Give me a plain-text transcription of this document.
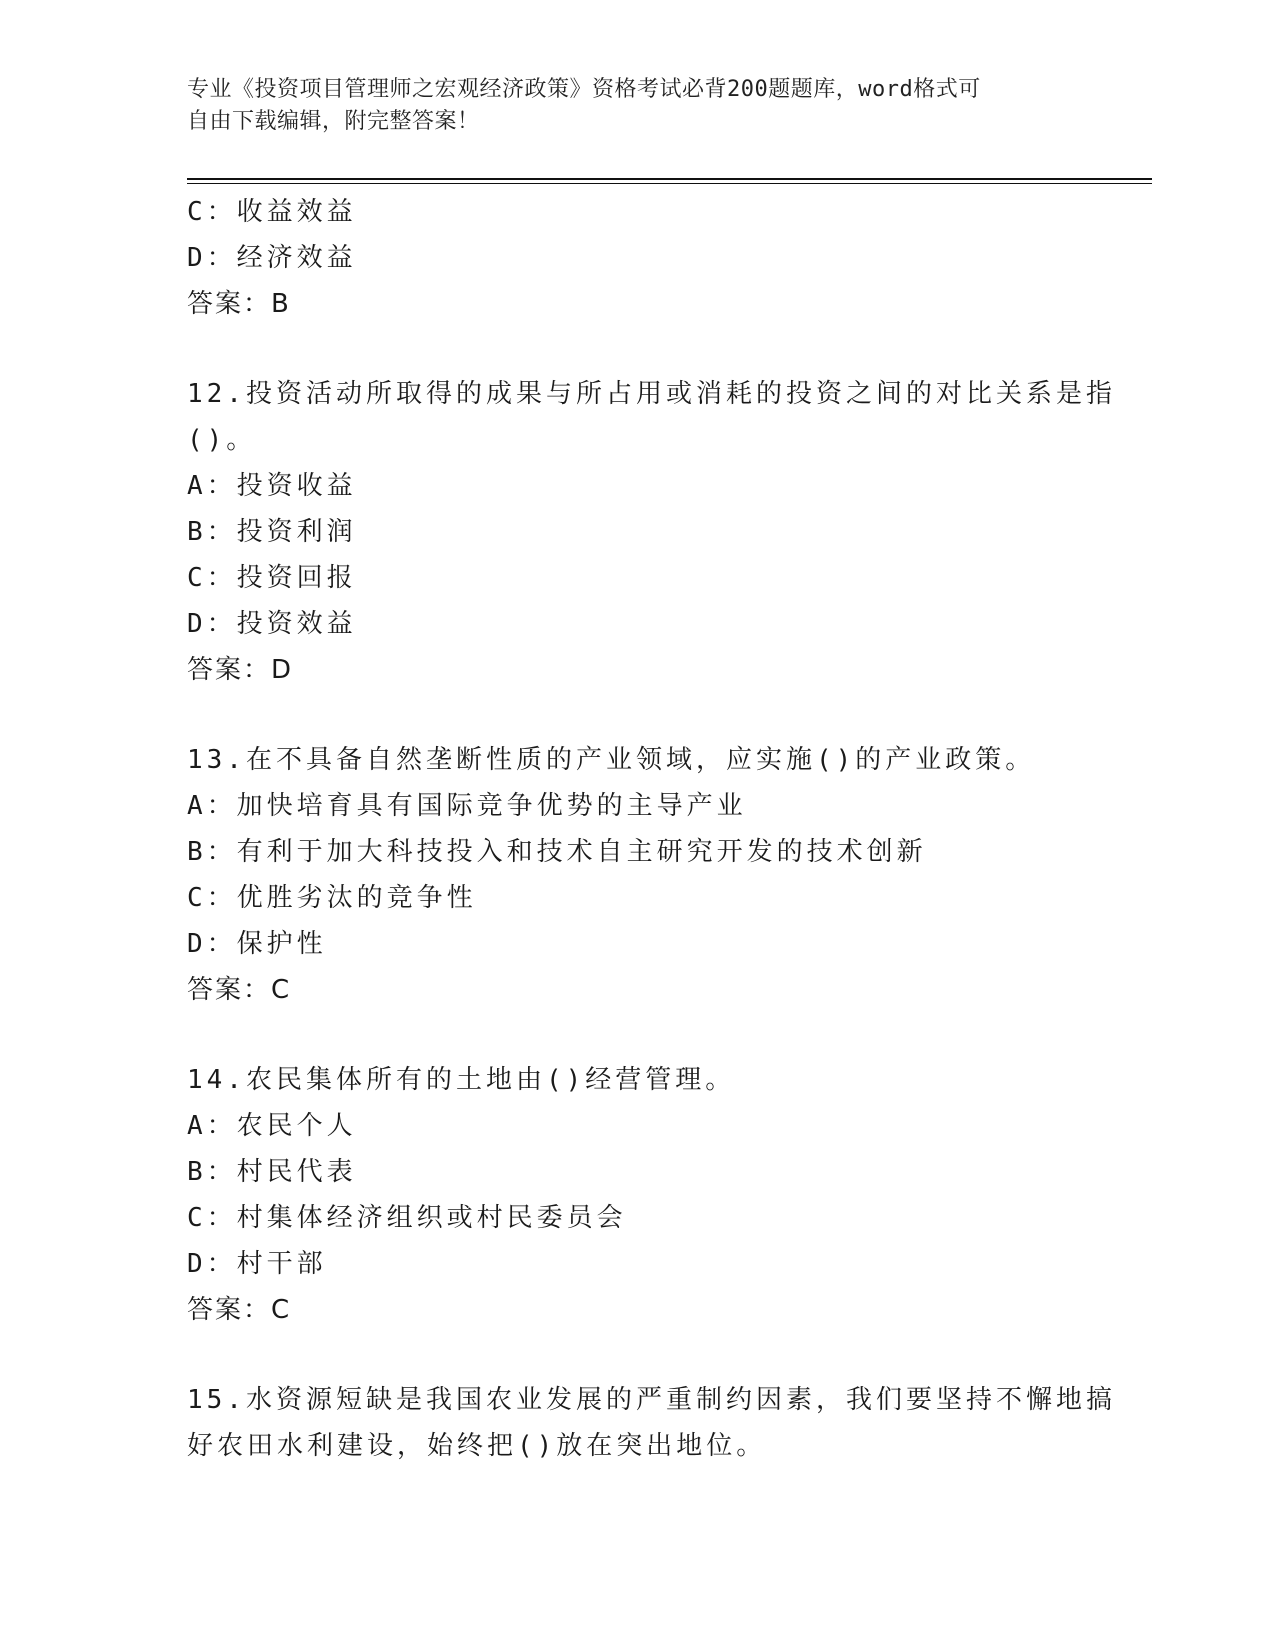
专业《投资项目管理师之宏观经济政策》资格考试必背200题题库，word格式可
自由下载编辑，附完整答案！
C：收益效益
D：经济效益
答案：B
12.投资活动所取得的成果与所占用或消耗的投资之间的对比关系是指
()。
A：投资收益
B：投资利润
C：投资回报
D：投资效益
答案：D
13.在不具备自然垄断性质的产业领域，应实施()的产业政策。
A：加快培育具有国际竞争优势的主导产业
B：有利于加大科技投入和技术自主研究开发的技术创新
C：优胜劣汰的竞争性
D：保护性
答案：C
14.农民集体所有的土地由()经营管理。
A：农民个人
B：村民代表
C：村集体经济组织或村民委员会
D：村干部
答案：C
15.水资源短缺是我国农业发展的严重制约因素，我们要坚持不懈地搞
好农田水利建设，始终把()放在突出地位。
